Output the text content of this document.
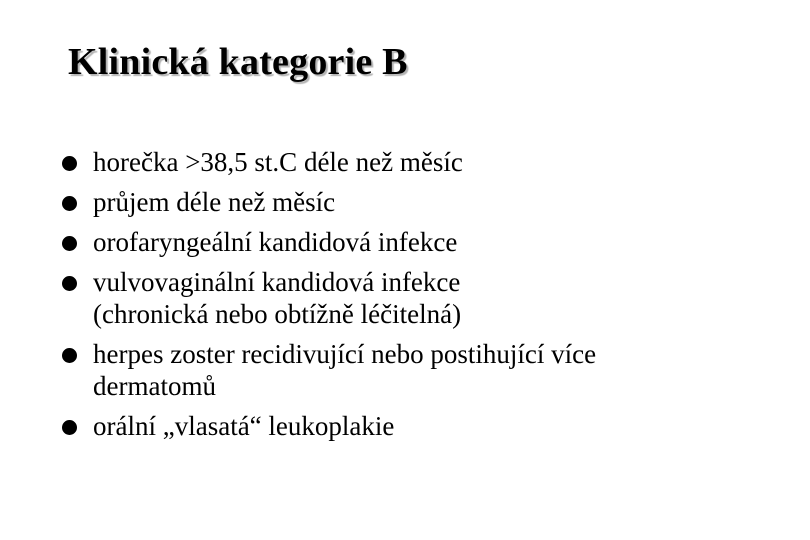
Klinická kategorie B
horečka >38,5 st.C déle než měsíc
průjem déle než měsíc
orofaryngeální kandidová infekce
vulvovaginální kandidová infekce
(chronická nebo obtížně léčitelná)
herpes zoster recidivující nebo postihující více
dermatomů
orální „vlasatá“ leukoplakie
